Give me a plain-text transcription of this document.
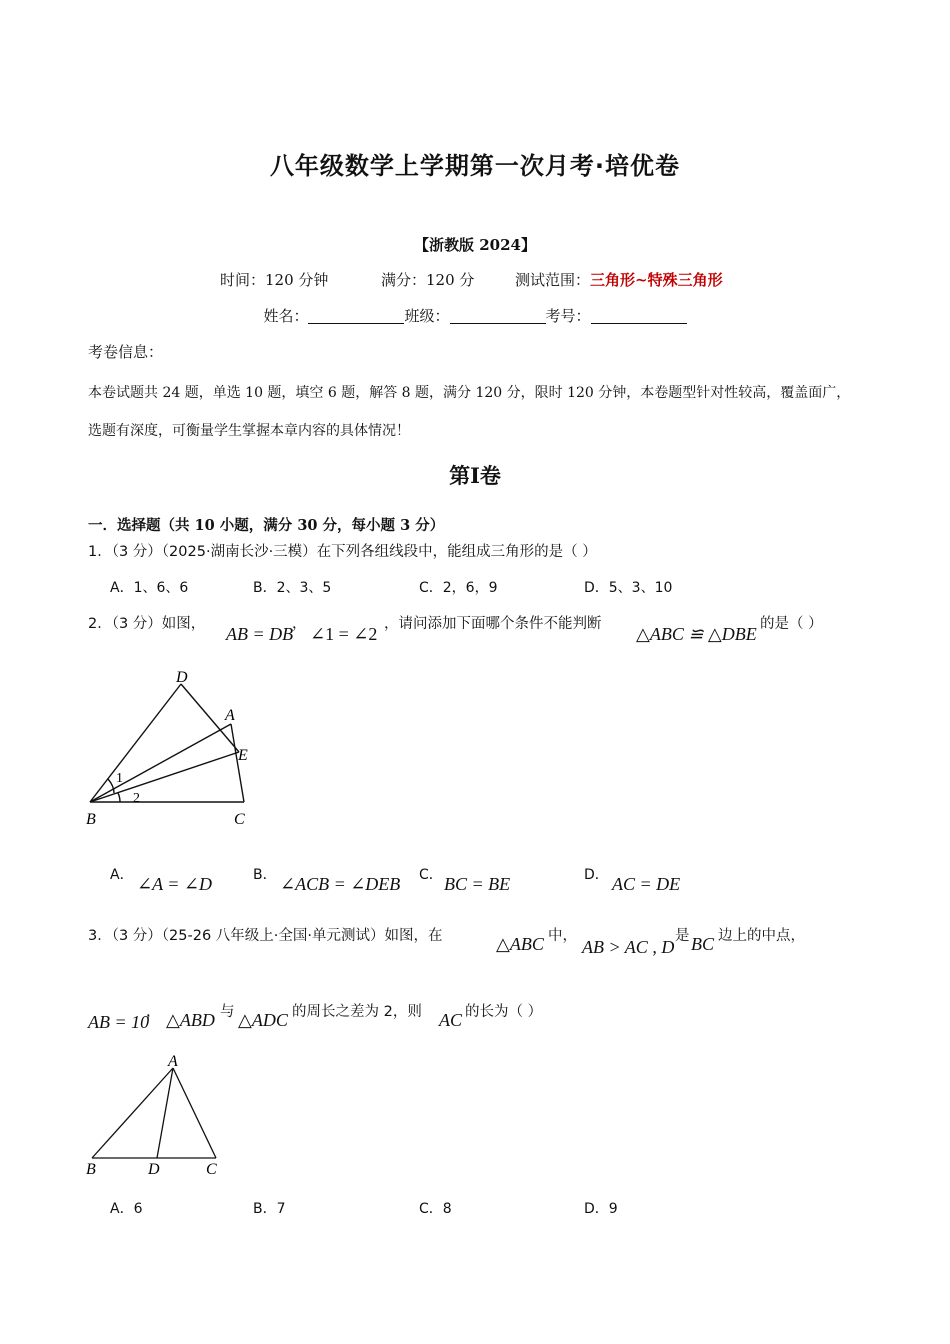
八年级数学上学期第一次月考·培优卷
【浙教版 2024】
时间：120 分钟	满分：120 分	测试范围：三角形~特殊三角形
姓名：	班级：	考号：
考卷信息：
本卷试题共 24 题，单选 10 题，填空 6 题，解答 8 题，满分 120 分，限时 120 分钟，本卷题型针对性较高，覆盖面广，选题有深度，可衡量学生掌握本章内容的具体情况！
第Ⅰ卷
一．选择题（共 10 小题，满分 30 分，每小题 3 分）
1．（3 分）（2025·湖南长沙·三模）在下列各组线段中，能组成三角形的是（ ）
A．1、6、6	B．2、3、5	C．2，6，9	D．5、3、10
2．（3 分）如图， AB = DB
， ∠1 = ∠2 ，请问添加下面哪个条件不能判断 △ABC ≌ △DBE 的是（ ）
D
A
E
B	C
1
2
A． ∠A = ∠D	B． ∠ACB = ∠DEB C． BC = BE	D． AC = DE
3．（3 分）（25-26 八年级上·全国·单元测试）如图，在	△ABC 中，
AB > AC , D
是 BC 边上的中点，
AB = 10
， △ABD 与 △ADC 的周长之差为 2，则 AC 的长为（ ）
A
B	D	C
A．6	B．7	C．8	D．9
